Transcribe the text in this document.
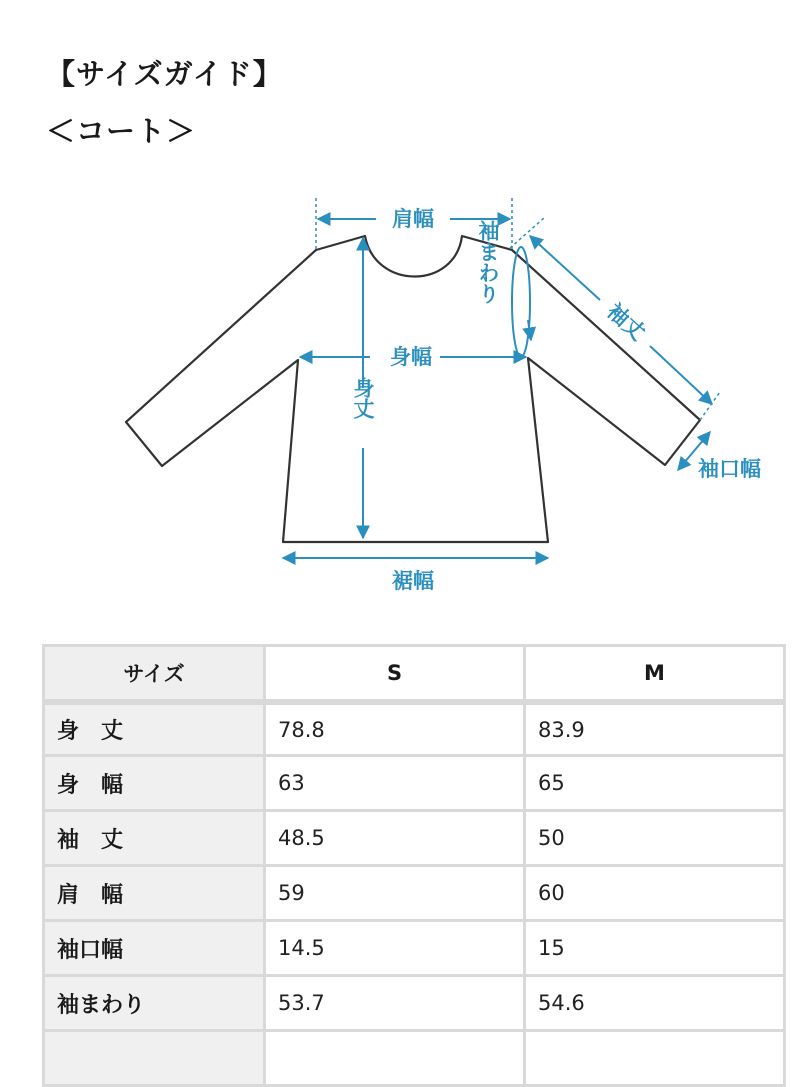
【サイズガイド】
＜コート＞
肩幅
袖まわり
袖丈
身幅
身丈
袖口幅
裾幅
サイズ	S	M
身　丈	78.8	83.9
身　幅	63	65
袖　丈	48.5	50
肩　幅	59	60
袖口幅	14.5	15
袖まわり	53.7	54.6
